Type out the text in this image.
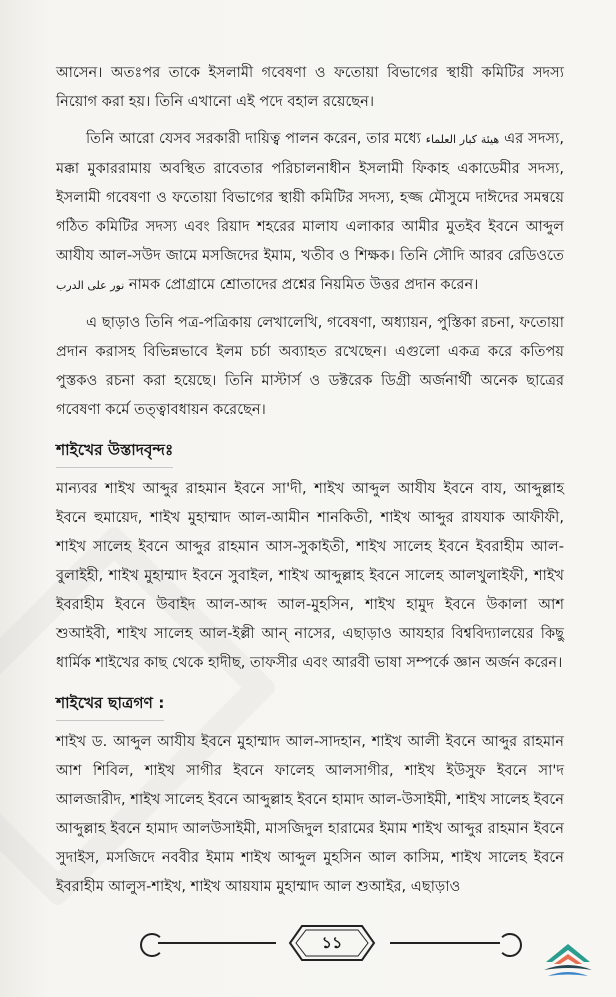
আসেন। অতঃপর তাকে ইসলামী গবেষণা ও ফতোয়া বিভাগের স্থায়ী কমিটির সদস্য নিয়োগ করা হয়। তিনি এখানো এই পদে বহাল রয়েছেন।

তিনি আরো যেসব সরকারী দায়িত্ব পালন করেন, তার মধ্যে هيئة كبار العلماء এর সদস্য, মক্কা মুকাররামায় অবস্থিত রাবেতার পরিচালনাধীন ইসলামী ফিকাহ একাডেমীর সদস্য, ইসলামী গবেষণা ও ফতোয়া বিভাগের স্থায়ী কমিটির সদস্য, হজ্জ মৌসুমে দাঈদের সমন্বয়ে গঠিত কমিটির সদস্য এবং রিয়াদ শহরের মালায এলাকার আমীর মুতইব ইবনে আব্দুল আযীয আল-সউদ জামে মসজিদের ইমাম, খতীব ও শিক্ষক। তিনি সৌদি আরব রেডিওতে نور على الدرب নামক প্রোগ্রামে শ্রোতাদের প্রশ্নের নিয়মিত উত্তর প্রদান করেন।

এ ছাড়াও তিনি পত্র-পত্রিকায় লেখালেখি, গবেষণা, অধ্যায়ন, পুস্তিকা রচনা, ফতোয়া প্রদান করাসহ বিভিন্নভাবে ইলম চর্চা অব্যাহত রখেছেন। এগুলো একত্র করে কতিপয় পুস্তকও রচনা করা হয়েছে। তিনি মাস্টার্স ও ডক্টরেক ডিগ্রী অর্জনার্থী অনেক ছাত্রের গবেষণা কর্মে তত্ত্বাবধায়ন করেছেন।

শাইখের উস্তাদবৃন্দঃ

মান্যবর শাইখ আব্দুর রাহমান ইবনে সা'দী, শাইখ আব্দুল আযীয ইবনে বায, আব্দুল্লাহ ইবনে হুমায়েদ, শাইখ মুহাম্মাদ আল-আমীন শানকিতী, শাইখ আব্দুর রাযযাক আফীফী, শাইখ সালেহ ইবনে আব্দুর রাহমান আস-সুকাইতী, শাইখ সালেহ ইবনে ইবরাহীম আল-বুলাইহী, শাইখ মুহাম্মাদ ইবনে সুবাইল, শাইখ আব্দুল্লাহ ইবনে সালেহ আলখুলাইফী, শাইখ ইবরাহীম ইবনে উবাইদ আল-আব্দ আল-মুহসিন, শাইখ হামুদ ইবনে উকালা আশ শুআইবী, শাইখ সালেহ আল-ইল্লী আন্ নাসের, এছাড়াও আযহার বিশ্ববিদ্যালয়ের কিছু ধার্মিক শাইখের কাছ থেকে হাদীছ, তাফসীর এবং আরবী ভাষা সম্পর্কে জ্ঞান অর্জন করেন।

শাইখের ছাত্রগণ :

শাইখ ড. আব্দুল আযীয ইবনে মুহাম্মাদ আল-সাদহান, শাইখ আলী ইবনে আব্দুর রাহমান আশ শিবিল, শাইখ সাগীর ইবনে ফালেহ আলসাগীর, শাইখ ইউসুফ ইবনে সা'দ আলজারীদ, শাইখ সালেহ ইবনে আব্দুল্লাহ ইবনে হামাদ আল-উসাইমী, শাইখ সালেহ ইবনে আব্দুল্লাহ ইবনে হামাদ আলউসাইমী, মাসজিদুল হারামের ইমাম শাইখ আব্দুর রাহমান ইবনে সুদাইস, মসজিদে নববীর ইমাম শাইখ আব্দুল মুহসিন আল কাসিম, শাইখ সালেহ ইবনে ইবরাহীম আলুস-শাইখ, শাইখ আয়যাম মুহাম্মাদ আল শুআইর, এছাড়াও

১১
